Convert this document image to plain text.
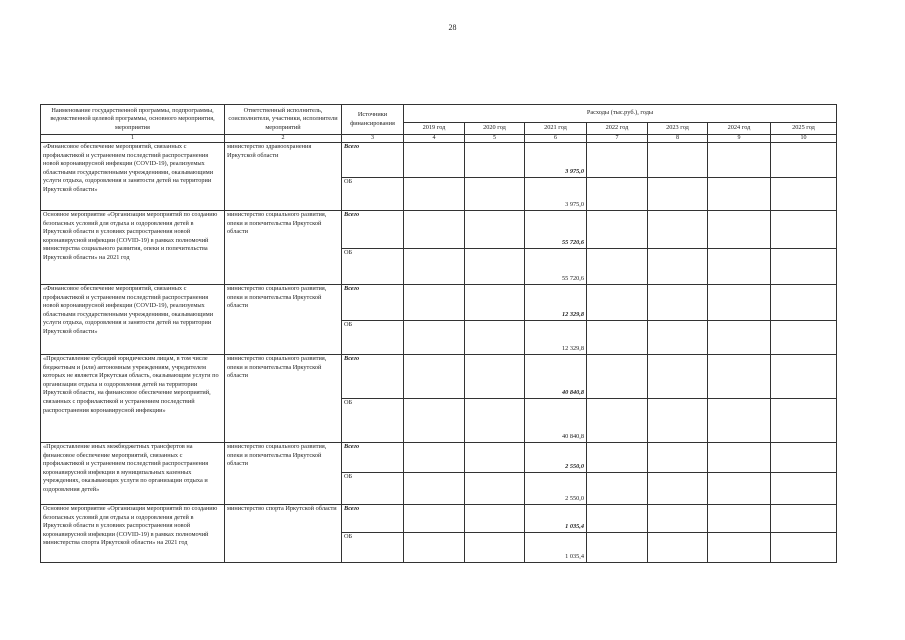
28
Наименование государственной программы, подпрограммы, ведомственной целевой программы, основного мероприятия, мероприятия	Ответственный исполнитель, соисполнители, участники, исполнители мероприятий	Источники финансирования	Расходы (тыс.руб.), годы						
			2019 год	2020 год	2021 год	2022 год	2023 год	2024 год	2025 год
1	2	3	4	5	6	7	8	9	10
«Финансовое обеспечение мероприятий, связанных с профилактикой и устранением последствий распространения новой коронавирусной инфекции (COVID-19), реализуемых областными государственными учреждениями, оказывающими услуги отдыха, оздоровления и занятости детей на территории Иркутской области»	министерство здравоохранения Иркутской области	Всего			3 975,0				
		ОБ			3 975,0				
Основное мероприятие «Организация мероприятий по созданию безопасных условий для отдыха и оздоровления детей в Иркутской области в условиях распространения новой коронавирусной инфекции (COVID-19) в рамках полномочий министерства социального развития, опеки и попечительства Иркутской области» на 2021 год	министерство социального развития, опеки и попечительства Иркутской области	Всего			55 720,6				
		ОБ			55 720,6				
«Финансовое обеспечение мероприятий, связанных с профилактикой и устранением последствий распространения новой коронавирусной инфекции (COVID-19), реализуемых областными государственными учреждениями, оказывающими услуги отдыха, оздоровления и занятости детей на территории Иркутской области»	министерство социального развития, опеки и попечительства Иркутской области	Всего			12 329,8				
		ОБ			12 329,8				
«Предоставление субсидий юридическим лицам, в том числе бюджетным и (или) автономным учреждениям, учредителем которых не является Иркутская область, оказывающим услуги по организации отдыха и оздоровления детей на территории Иркутской области, на финансовое обеспечение мероприятий, связанных с профилактикой и устранением последствий распространения коронавирусной инфекции»	министерство социального развития, опеки и попечительства Иркутской области	Всего			40 840,8				
		ОБ			40 840,8				
«Предоставление иных межбюджетных трансфертов на финансовое обеспечение мероприятий, связанных с профилактикой и устранением последствий распространения коронавирусной инфекции в муниципальных казенных учреждениях, оказывающих услуги по организации отдыха и оздоровления детей»	министерство социального развития, опеки и попечительства Иркутской области	Всего			2 550,0				
		ОБ			2 550,0				
Основное мероприятие «Организация мероприятий по созданию безопасных условий для отдыха и оздоровления детей в Иркутской области в условиях распространения новой коронавирусной инфекции (COVID-19) в рамках полномочий министерства спорта Иркутской области» на 2021 год	министерство спорта Иркутской области	Всего			1 035,4				
		ОБ			1 035,4				
